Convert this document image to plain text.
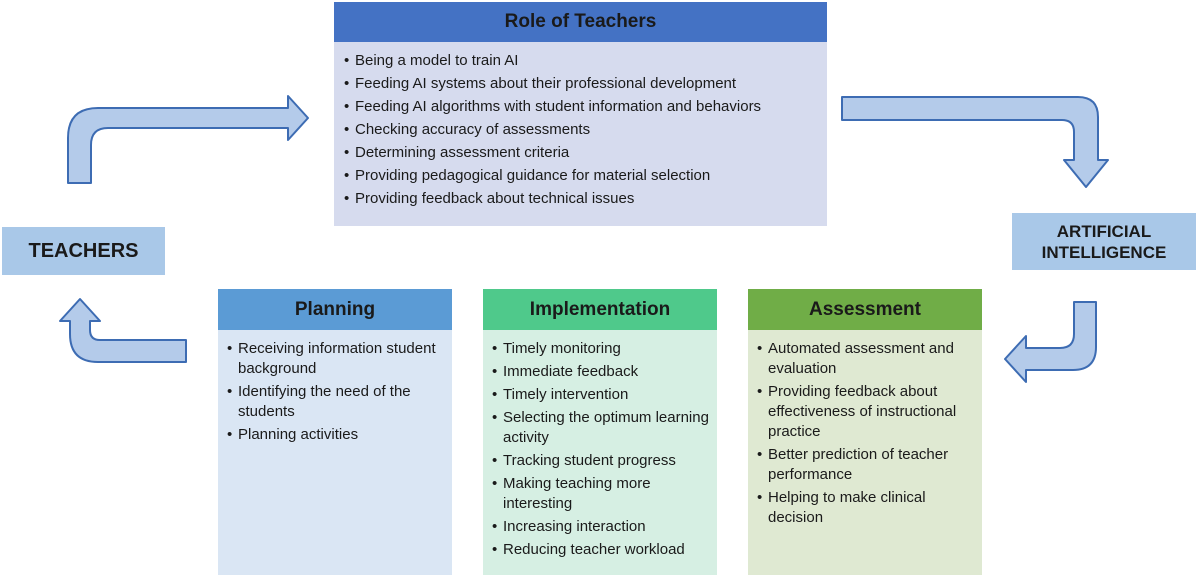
Role of Teachers
• Being a model to train AI
• Feeding AI systems about their professional development
• Feeding AI algorithms with student information and behaviors
• Checking accuracy of assessments
• Determining assessment criteria
• Providing pedagogical guidance for material selection
• Providing feedback about technical issues
TEACHERS
ARTIFICIAL
INTELLIGENCE
Planning
• Receiving information student background
• Identifying the need of the students
• Planning activities
Implementation
• Timely monitoring
• Immediate feedback
• Timely intervention
• Selecting the optimum learning activity
• Tracking student progress
• Making teaching more interesting
• Increasing interaction
• Reducing teacher workload
Assessment
• Automated assessment and evaluation
• Providing feedback about effectiveness of instructional practice
• Better prediction of teacher performance
• Helping to make clinical decision
